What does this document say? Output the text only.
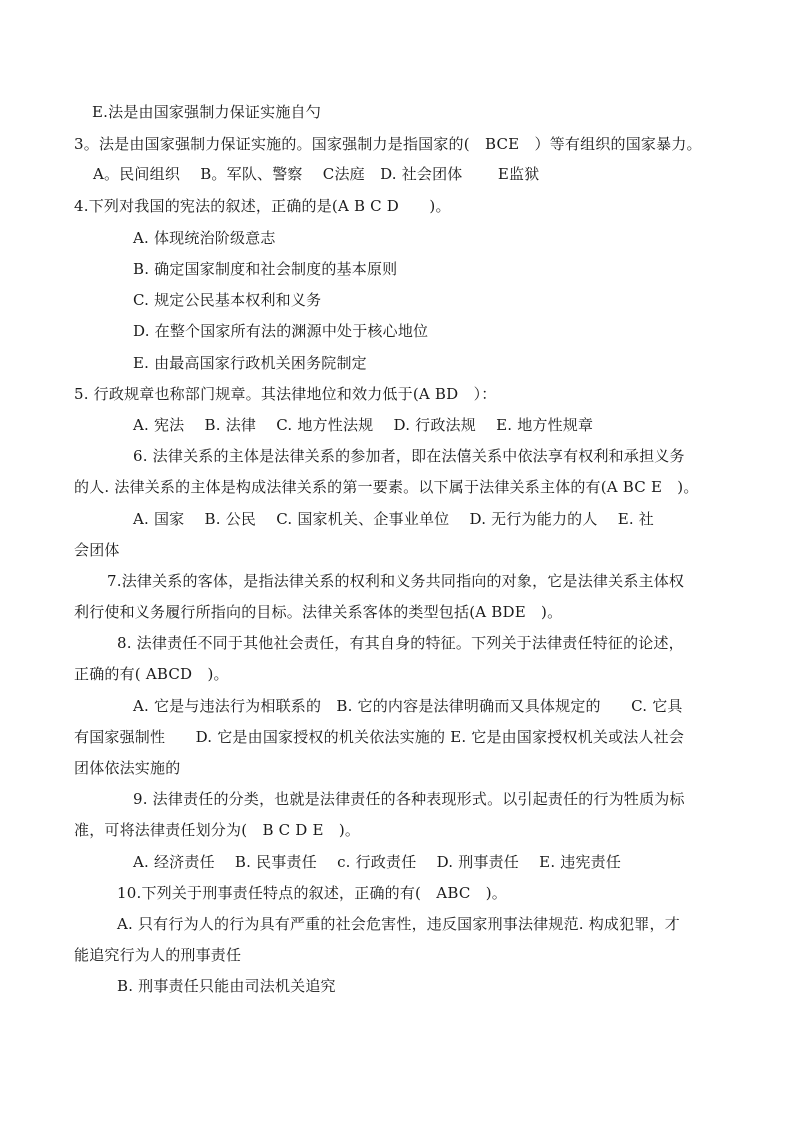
E.法是由国家强制力保证实施自勺
3。法是由国家强制力保证实施的。国家强制力是指国家的(　BCE　）等有组织的国家暴力。
A。民间组织　 B。军队、警察　 C法庭　D. 社会团体　　 E监狱
4.下列对我国的宪法的叙述，正确的是(A B C D　　)。
A. 体现统治阶级意志
B. 确定国家制度和社会制度的基本原则
C. 规定公民基本权利和义务
D. 在整个国家所有法的渊源中处于核心地位
E. 由最高国家行政机关困务院制定
5. 行政规章也称部门规章。其法律地位和效力低于(A BD　）：
A. 宪法　 B. 法律　 C. 地方性法规　 D. 行政法规　 E. 地方性规章
6. 法律关系的主体是法律关系的参加者，即在法僖关系中依法享有权利和承担义务
的人. 法律关系的主体是构成法律关系的第一要素。以下属于法律关系主体的有(A BC E　)。
A. 国家　 B. 公民　 C. 国家机关、企事业单位　 D. 无行为能力的人　 E. 社
会团体
7.法律关系的客体，是指法律关系的权利和义务共同指向的对象，它是法律关系主体权
利行使和义务履行所指向的目标。法律关系客体的类型包括(A BDE　)。
8. 法律责任不同于其他社会责任，有其自身的特征。下列关于法律责任特征的论述，
正确的有( ABCD　)。
A. 它是与违法行为相联系的　B. 它的内容是法律明确而又具体规定的　　C. 它具
有国家强制性　　D. 它是由国家授权的机关依法实施的 E. 它是由国家授权机关或法人社会
团体依法实施的
9. 法律责任的分类，也就是法律责任的各种表现形式。以引起责任的行为牲质为标
准，可将法律责任划分为(　B C D E　)。
A. 经济责任　 B. 民事责任　 c. 行政责任　 D. 刑事责任　 E. 违宪责任
10.下列关于刑事责任特点的叙述，正确的有(　ABC　)。
A. 只有行为人的行为具有严重的社会危害性，违反国家刑事法律规范. 构成犯罪，才
能追究行为人的刑事责任
B. 刑事责任只能由司法机关追究
